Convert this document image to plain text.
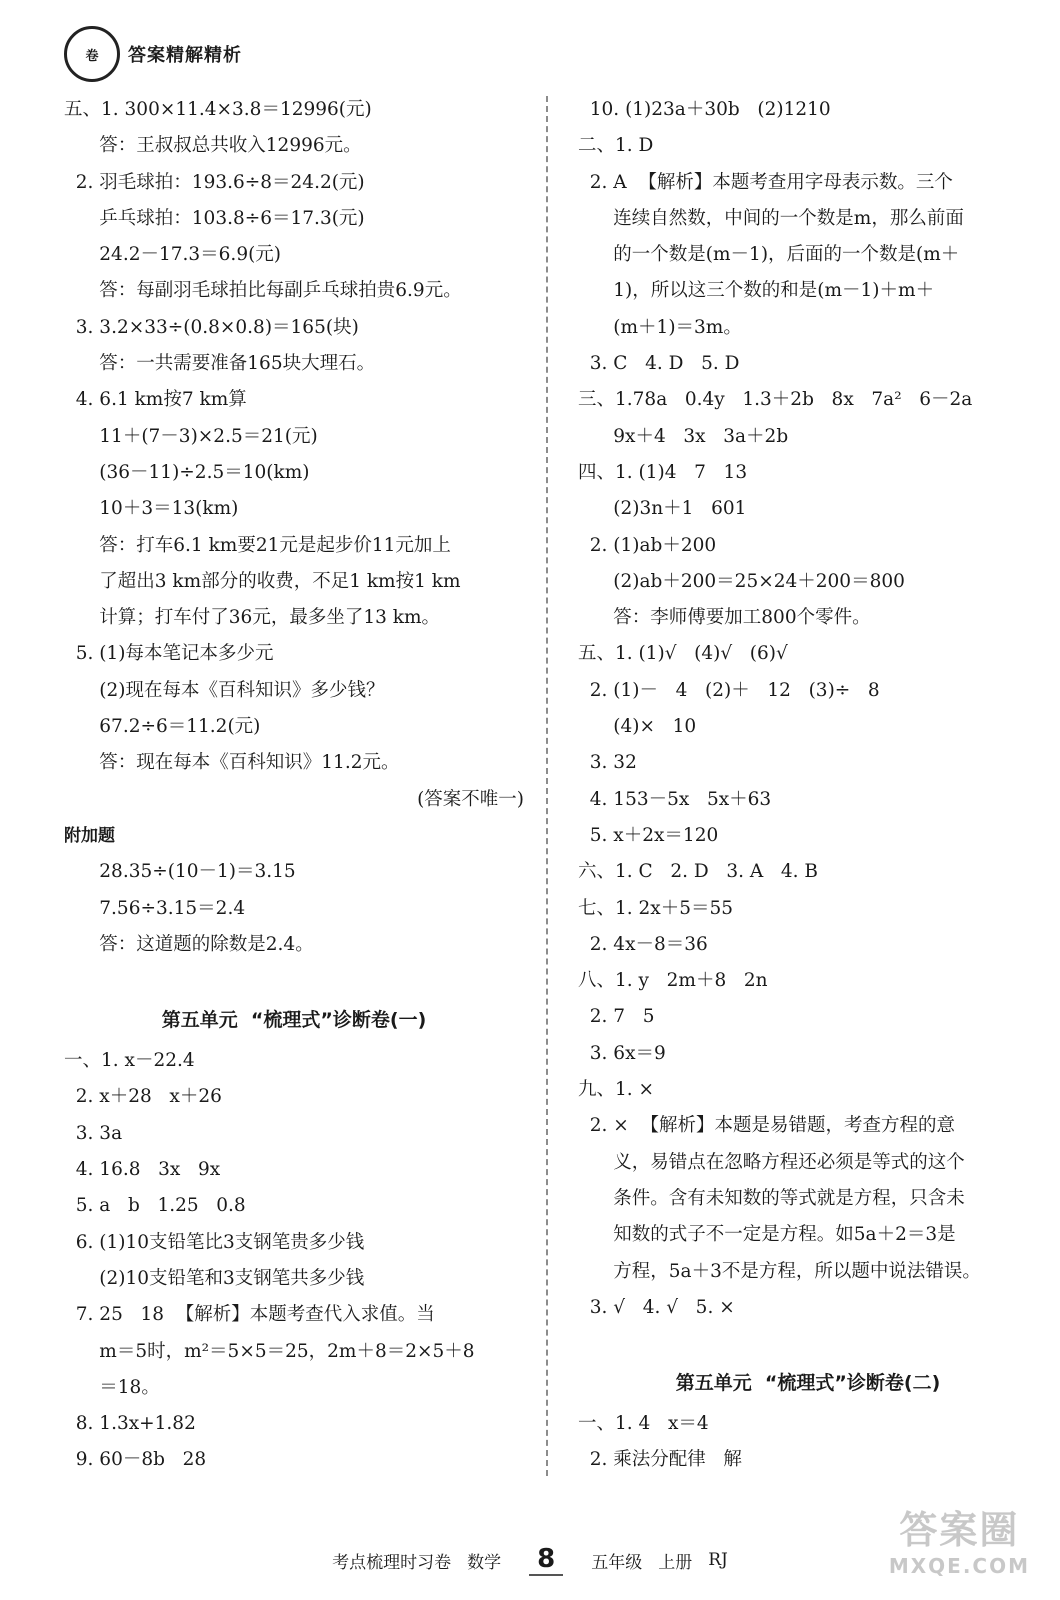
卷	答案精解精析
五、1. 300×11.4×3.8＝12996(元)
答：王叔叔总共收入12996元。
2. 羽毛球拍：193.6÷8＝24.2(元)
乒乓球拍：103.8÷6＝17.3(元)
24.2－17.3＝6.9(元)
答：每副羽毛球拍比每副乒乓球拍贵6.9元。
3. 3.2×33÷(0.8×0.8)＝165(块)
答：一共需要准备165块大理石。
4. 6.1 km按7 km算
11＋(7－3)×2.5＝21(元)
(36－11)÷2.5＝10(km)
10＋3＝13(km)
答：打车6.1 km要21元是起步价11元加上
了超出3 km部分的收费，不足1 km按1 km
计算；打车付了36元，最多坐了13 km。
5. (1)每本笔记本多少元
(2)现在每本《百科知识》多少钱？
67.2÷6＝11.2(元)
答：现在每本《百科知识》11.2元。
(答案不唯一)
附加题
28.35÷(10－1)＝3.15
7.56÷3.15＝2.4
答：这道题的除数是2.4。
第五单元  “梳理式”诊断卷(一)
一、1. x－22.4
2. x＋28   x＋26
3. 3a
4. 16.8   3x   9x
5. a   b   1.25   0.8
6. (1)10支铅笔比3支钢笔贵多少钱
(2)10支铅笔和3支钢笔共多少钱
7. 25   18  【解析】本题考查代入求值。当
m＝5时，m²＝5×5＝25，2m＋8＝2×5＋8
＝18。
8. 1.3x+1.82
9. 60－8b   28
10. (1)23a＋30b   (2)1210
二、1. D
2. A  【解析】本题考查用字母表示数。三个
连续自然数，中间的一个数是m，那么前面
的一个数是(m－1)，后面的一个数是(m＋
1)，所以这三个数的和是(m－1)＋m＋
(m＋1)＝3m。
3. C   4. D   5. D
三、1.78a   0.4y   1.3＋2b   8x   7a²   6－2a
9x＋4   3x   3a＋2b
四、1. (1)4   7   13
(2)3n＋1   601
2. (1)ab＋200
(2)ab＋200＝25×24＋200＝800
答：李师傅要加工800个零件。
五、1. (1)√   (4)√   (6)√
2. (1)－   4   (2)＋   12   (3)÷   8
(4)×   10
3. 32
4. 153－5x   5x＋63
5. x＋2x＝120
六、1. C   2. D   3. A   4. B
七、1. 2x＋5＝55
2. 4x－8＝36
八、1. y   2m＋8   2n
2. 7   5
3. 6x＝9
九、1. ×
2. ×  【解析】本题是易错题，考查方程的意
义，易错点在忽略方程还必须是等式的这个
条件。含有未知数的等式就是方程，只含未
知数的式子不一定是方程。如5a＋2＝3是
方程，5a＋3不是方程，所以题中说法错误。
3. √   4. √   5. ×
第五单元  “梳理式”诊断卷(二)
一、1. 4   x＝4
2. 乘法分配律   解
考点梳理时习卷 数学	8	五年级 上册 RJ
答案圈
MXQE.COM
